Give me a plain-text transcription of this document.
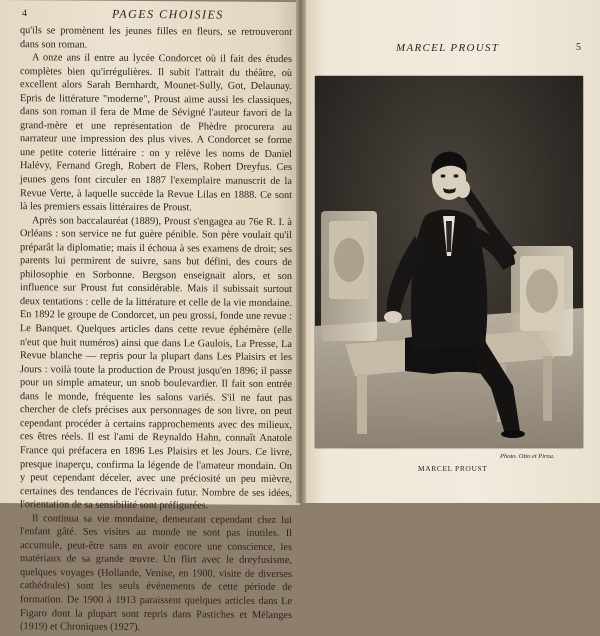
4	PAGES CHOISIES

qu'ils se promènent les jeunes filles en fleurs, se retrouveront dans son roman.

A onze ans il entre au lycée Condorcet où il fait des études complètes bien qu'irrégulières. Il subit l'attrait du théâtre, où excellent alors Sarah Bernhardt, Mounet-Sully, Got, Delaunay. Epris de littérature "moderne", Proust aime aussi les classiques, dans son roman il fera de Mme de Sévigné l'auteur favori de la grand-mère et une représentation de Phèdre procurera au narrateur une impression des plus vives. A Condorcet se forme une petite coterie littéraire : on y relève les noms de Daniel Halévy, Fernand Gregh, Robert de Flers, Robert Dreyfus. Ces jeunes gens font circuler en 1887 l'exemplaire manuscrit de la Revue Verte, à laquelle succède la Revue Lilas en 1888. Ce sont là les premiers essais littéraires de Proust.

Après son baccalauréat (1889), Proust s'engagea au 76e R. I. à Orléans : son service ne fut guère pénible. Son père voulait qu'il préparât la diplomatie; mais il échoua à ses examens de droit; ses parents lui permirent de suivre, sans but défini, des cours de philosophie en Sorbonne. Bergson enseignait alors, et son influence sur Proust fut considérable. Mais il subissait surtout deux tentations : celle de la littérature et celle de la vie mondaine. En 1892 le groupe de Condorcet, un peu grossi, fonde une revue : Le Banquet. Quelques articles dans cette revue éphémère (elle n'eut que huit numéros) ainsi que dans Le Gaulois, La Presse, La Revue blanche — repris pour la plupart dans Les Plaisirs et les Jours : voilà toute la production de Proust jusqu'en 1896; il passe pour un simple amateur, un snob boulevardier. Il fait son entrée dans le monde, fréquente les salons variés. S'il ne faut pas chercher de clefs précises aux personnages de son livre, on peut cependant procéder à certains rapprochements avec des milieux, ces êtres réels. Il est l'ami de Reynaldo Hahn, connaît Anatole France qui préfacera en 1896 Les Plaisirs et les Jours. Ce livre, presque inaperçu, confirma la légende de l'amateur mondain. On y peut cependant déceler, avec une préciosité un peu mièvre, certaines des tendances de l'écrivain futur. Nombre de ses idées, l'orientation de sa sensibilité sont préfigurées.

Il continua sa vie mondaine, demeurant cependant chez lui l'enfant gâté. Ses visites au monde ne sont pas inutiles. Il accumule, peut-être sans en avoir encore une conscience, les matériaux de sa grande œuvre. Un flirt avec le dreyfusisme, quelques voyages (Hollande, Venise, en 1900, visite de diverses cathédrales) sont les seuls événements de cette période de formation. De 1900 à 1913 paraissent quelques articles dans Le Figaro dont la plupart sont repris dans Pastiches et Mélanges (1919) et Chroniques (1927).

MARCEL PROUST	5
Photo. Otto et Pirou.
MARCEL PROUST
